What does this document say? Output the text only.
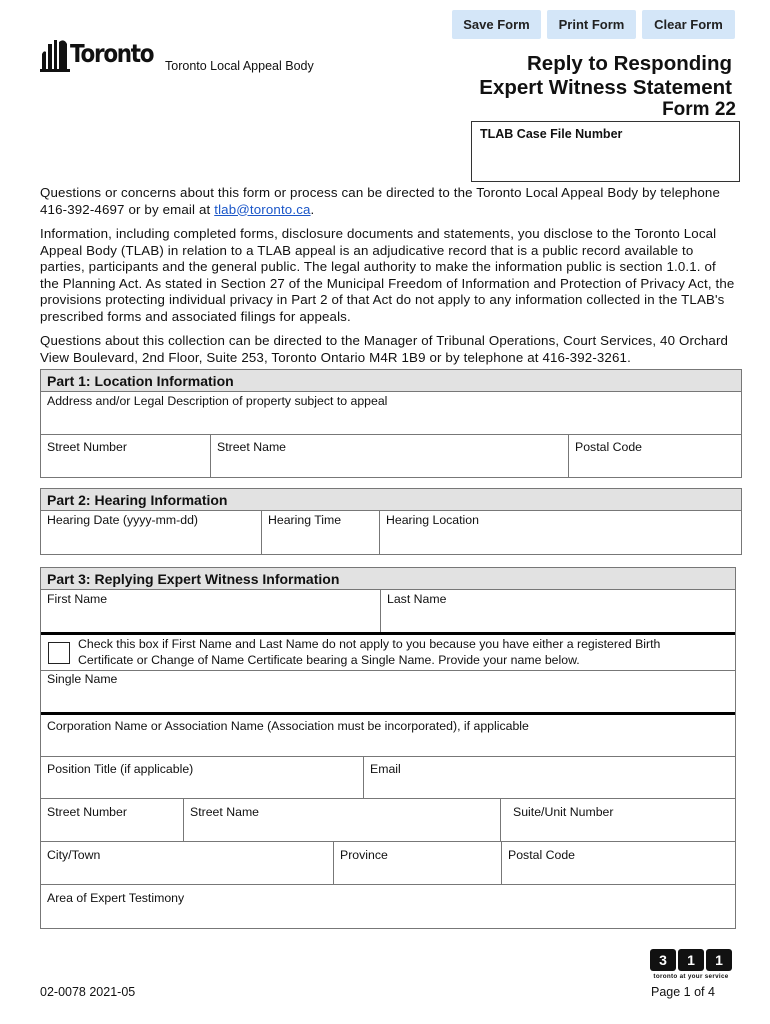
Save Form	Print Form	Clear Form
Toronto Toronto Local Appeal Body	Reply to Responding
Expert Witness Statement
Form 22
TLAB Case File Number

Questions or concerns about this form or process can be directed to the Toronto Local Appeal Body by telephone 416-392-4697 or by email at tlab@toronto.ca.

Information, including completed forms, disclosure documents and statements, you disclose to the Toronto Local Appeal Body (TLAB) in relation to a TLAB appeal is an adjudicative record that is a public record available to parties, participants and the general public. The legal authority to make the information public is section 1.0.1. of the Planning Act. As stated in Section 27 of the Municipal Freedom of Information and Protection of Privacy Act, the provisions protecting individual privacy in Part 2 of that Act do not apply to any information collected in the TLAB's prescribed forms and associated filings for appeals.

Questions about this collection can be directed to the Manager of Tribunal Operations, Court Services, 40 Orchard View Boulevard, 2nd Floor, Suite 253, Toronto Ontario M4R 1B9 or by telephone at 416-392-3261.

Part 1: Location Information
Address and/or Legal Description of property subject to appeal
Street Number	Street Name	Postal Code
Part 2: Hearing Information
Hearing Date (yyyy-mm-dd)	Hearing Time	Hearing Location
Part 3: Replying Expert Witness Information
First Name	Last Name
Check this box if First Name and Last Name do not apply to you because you have either a registered Birth
Certificate or Change of Name Certificate bearing a Single Name. Provide your name below.
Single Name
Corporation Name or Association Name (Association must be incorporated), if applicable
Position Title (if applicable)	Email
Street Number	Street Name	Suite/Unit Number
City/Town	Province	Postal Code
Area of Expert Testimony
02-0078 2021-05
3	1	1
toronto at your service
Page 1 of 4
